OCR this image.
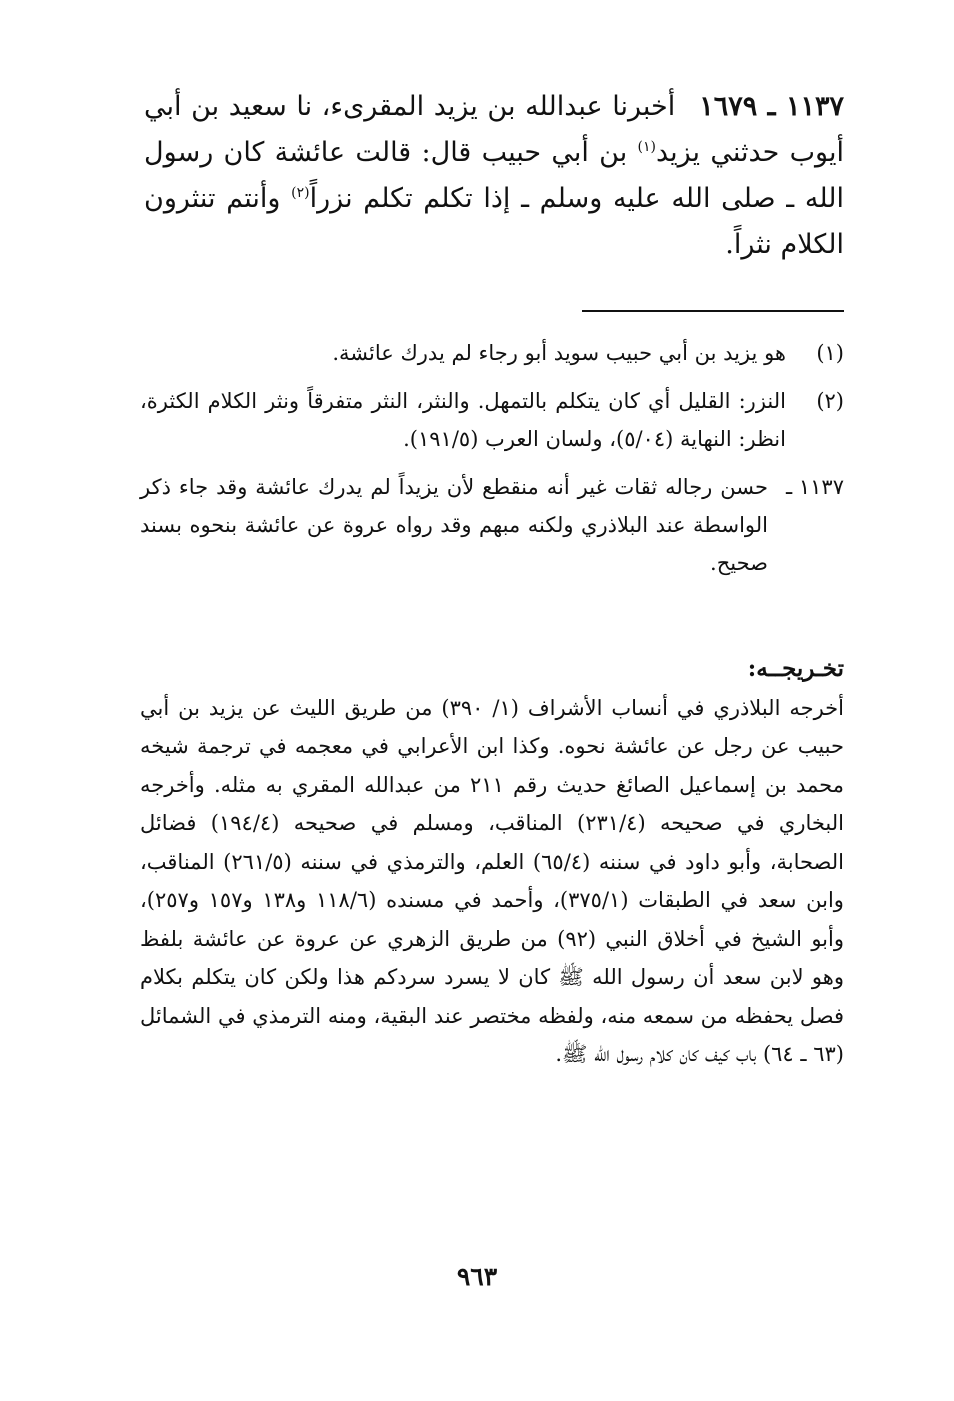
١١٣٧ ـ ١٦٧٩أخبرنا عبدالله بن يزيد المقرىء، نا سعيد بن أبي أيوب حدثني يزيد$^{(١)}$ بن أبي حبيب قال: قالت عائشة كان رسول الله ـ صلى الله عليه وسلم ـ إذا تكلم تكلم نزراً$^{(٢)}$ وأنتم تنثرون الكلام نثراً.
(١)
هو يزيد بن أبي حبيب سويد أبو رجاء لم يدرك عائشة.
(٢)
النزر: القليل أي كان يتكلم بالتمهل. والنثر، النثر متفرقاً ونثر الكلام الكثرة، انظر: النهاية (٥/٠٤)، ولسان العرب (١٩١/٥).
١١٣٧ ـ
حسن رجاله ثقات غير أنه منقطع لأن يزيداً لم يدرك عائشة وقد جاء ذكر الواسطة عند البلاذري ولكنه مبهم وقد رواه عروة عن عائشة بنحوه بسند صحيح.
تخـريجــه:
أخرجه البلاذري في أنساب الأشراف (١/ ٣٩٠) من طريق الليث عن يزيد بن أبي حبيب عن رجل عن عائشة نحوه. وكذا ابن الأعرابي في معجمه في ترجمة شيخه محمد بن إسماعيل الصائغ حديث رقم ٢١١ من عبدالله المقري به مثله. وأخرجه البخاري في صحيحه (٢٣١/٤) المناقب، ومسلم في صحيحه (١٩٤/٤) فضائل الصحابة، وأبو داود في سننه (٦٥/٤) العلم، والترمذي في سننه (٢٦١/٥) المناقب، وابن سعد في الطبقات (٣٧٥/١)، وأحمد في مسنده (١١٨/٦ و١٣٨ و١٥٧ و٢٥٧)، وأبو الشيخ في أخلاق النبي (٩٢) من طريق الزهري عن عروة عن عائشة بلفظ وهو لابن سعد أن رسول الله ﷺ كان لا يسرد سردكم هذا ولكن كان يتكلم بكلام فصل يحفظه من سمعه منه، ولفظه مختصر عند البقية، ومنه الترمذي في الشمائل (٦٣ ـ ٦٤) باب كيف كان كلام رسول الله ﷺ.
٩٦٣
